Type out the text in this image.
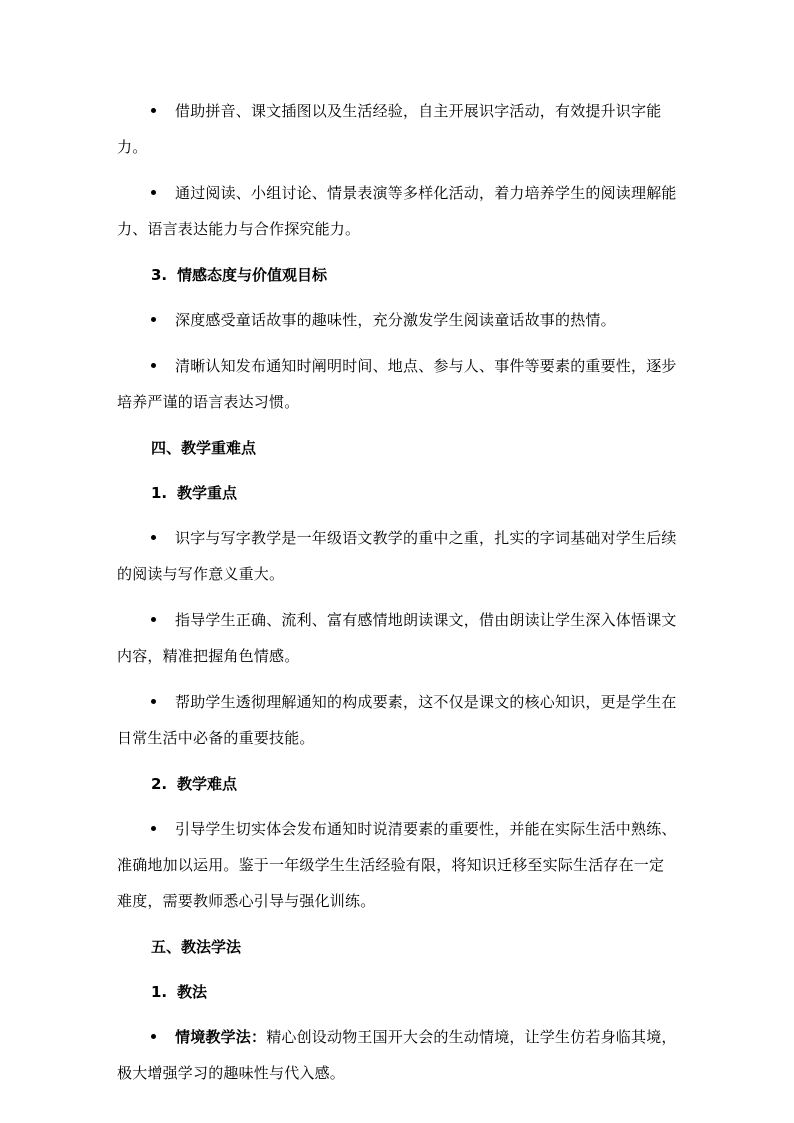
借助拼音、课文插图以及生活经验，自主开展识字活动，有效提升识字能力。

通过阅读、小组讨论、情景表演等多样化活动，着力培养学生的阅读理解能力、语言表达能力与合作探究能力。

3. 情感态度与价值观目标

深度感受童话故事的趣味性，充分激发学生阅读童话故事的热情。

清晰认知发布通知时阐明时间、地点、参与人、事件等要素的重要性，逐步培养严谨的语言表达习惯。

四、教学重难点

1. 教学重点

识字与写字教学是一年级语文教学的重中之重，扎实的字词基础对学生后续的阅读与写作意义重大。

指导学生正确、流利、富有感情地朗读课文，借由朗读让学生深入体悟课文内容，精准把握角色情感。

帮助学生透彻理解通知的构成要素，这不仅是课文的核心知识，更是学生在日常生活中必备的重要技能。

2. 教学难点

引导学生切实体会发布通知时说清要素的重要性，并能在实际生活中熟练、准确地加以运用。鉴于一年级学生生活经验有限，将知识迁移至实际生活存在一定难度，需要教师悉心引导与强化训练。

五、教法学法

1. 教法

情境教学法：精心创设动物王国开大会的生动情境，让学生仿若身临其境，极大增强学习的趣味性与代入感。
